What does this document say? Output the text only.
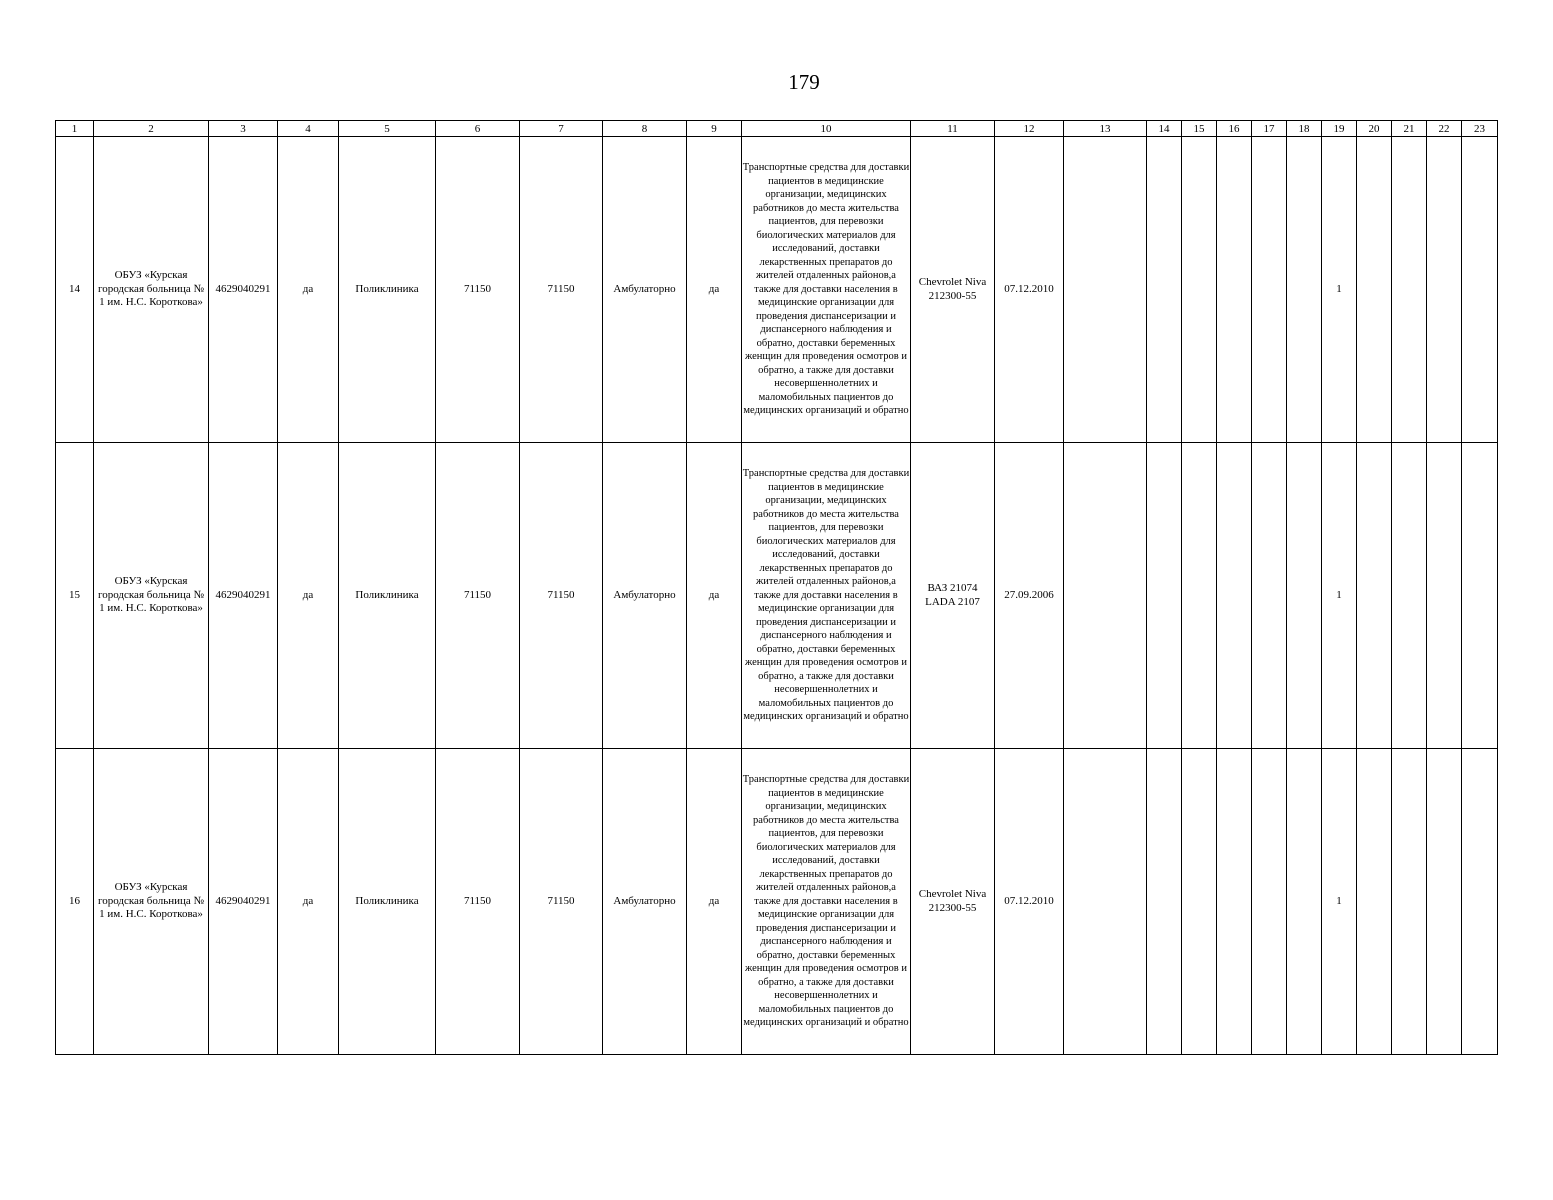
179
1	2	3	4	5	6	7	8	9	10	11	12	13	14	15	16	17	18	19	20	21	22	23
14	ОБУЗ «Курская городская больница № 1 им. Н.С. Короткова»	4629040291	да	Поликлиника	71150	71150	Амбулаторно	да	Транспортные средства для доставки пациентов в медицинские организации, медицинских работников до места жительства пациентов, для перевозки биологических материалов для исследований, доставки лекарственных препаратов до жителей отдаленных районов,а также для доставки населения в медицинские организации для проведения диспансеризации и диспансерного наблюдения и обратно, доставки беременных женщин для проведения осмотров и обратно, а также для доставки несовершеннолетних и маломобильных пациентов до медицинских организаций и обратно	Chevrolet Niva 212300-55	07.12.2010							1				
15	ОБУЗ «Курская городская больница № 1 им. Н.С. Короткова»	4629040291	да	Поликлиника	71150	71150	Амбулаторно	да	Транспортные средства для доставки пациентов в медицинские организации, медицинских работников до места жительства пациентов, для перевозки биологических материалов для исследований, доставки лекарственных препаратов до жителей отдаленных районов,а также для доставки населения в медицинские организации для проведения диспансеризации и диспансерного наблюдения и обратно, доставки беременных женщин для проведения осмотров и обратно, а также для доставки несовершеннолетних и маломобильных пациентов до медицинских организаций и обратно	ВАЗ 21074 LADA 2107	27.09.2006							1				
16	ОБУЗ «Курская городская больница № 1 им. Н.С. Короткова»	4629040291	да	Поликлиника	71150	71150	Амбулаторно	да	Транспортные средства для доставки пациентов в медицинские организации, медицинских работников до места жительства пациентов, для перевозки биологических материалов для исследований, доставки лекарственных препаратов до жителей отдаленных районов,а также для доставки населения в медицинские организации для проведения диспансеризации и диспансерного наблюдения и обратно, доставки беременных женщин для проведения осмотров и обратно, а также для доставки несовершеннолетних и маломобильных пациентов до медицинских организаций и обратно	Chevrolet Niva 212300-55	07.12.2010							1				
